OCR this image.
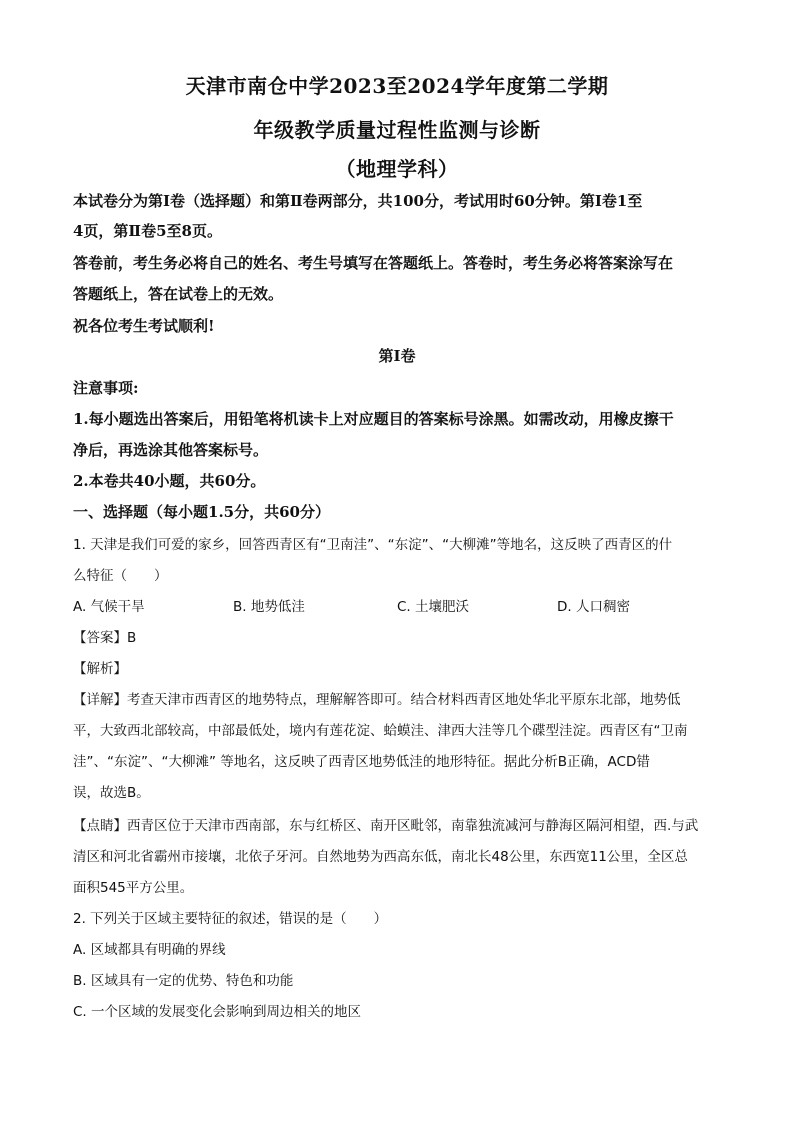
天津市南仓中学2023至2024学年度第二学期
年级教学质量过程性监测与诊断
（地理学科）
本试卷分为第Ⅰ卷（选择题）和第Ⅱ卷两部分，共100分，考试用时60分钟。第Ⅰ卷1至
4页，第Ⅱ卷5至8页。
答卷前，考生务必将自己的姓名、考生号填写在答题纸上。答卷时，考生务必将答案涂写在
答题纸上，答在试卷上的无效。
祝各位考生考试顺利!
第Ⅰ卷
注意事项:
1.每小题选出答案后，用铅笔将机读卡上对应题目的答案标号涂黑。如需改动，用橡皮擦干
净后，再选涂其他答案标号。
2.本卷共40小题，共60分。
一、选择题（每小题1.5分，共60分）
1. 天津是我们可爱的家乡，回答西青区有“卫南洼”、“东淀”、“大柳滩”等地名，这反映了西青区的什
么特征（　　）
A. 气候干旱	B. 地势低洼	C. 土壤肥沃	D. 人口稠密
【答案】B
【解析】
【详解】考查天津市西青区的地势特点，理解解答即可。结合材料西青区地处华北平原东北部，地势低
平，大致西北部较高，中部最低处，境内有莲花淀、蛤蟆洼、津西大洼等几个碟型洼淀。西青区有“卫南
洼”、“东淀”、“大柳滩” 等地名，这反映了西青区地势低洼的地形特征。据此分析B正确，ACD错
误，故选B。
【点睛】西青区位于天津市西南部，东与红桥区、南开区毗邻，南靠独流减河与静海区隔河相望，西.与武
清区和河北省霸州市接壤，北依子牙河。自然地势为西高东低，南北长48公里，东西宽11公里，全区总
面积545平方公里。
2. 下列关于区域主要特征的叙述，错误的是（　　）
A. 区域都具有明确的界线
B. 区域具有一定的优势、特色和功能
C. 一个区域的发展变化会影响到周边相关的地区
